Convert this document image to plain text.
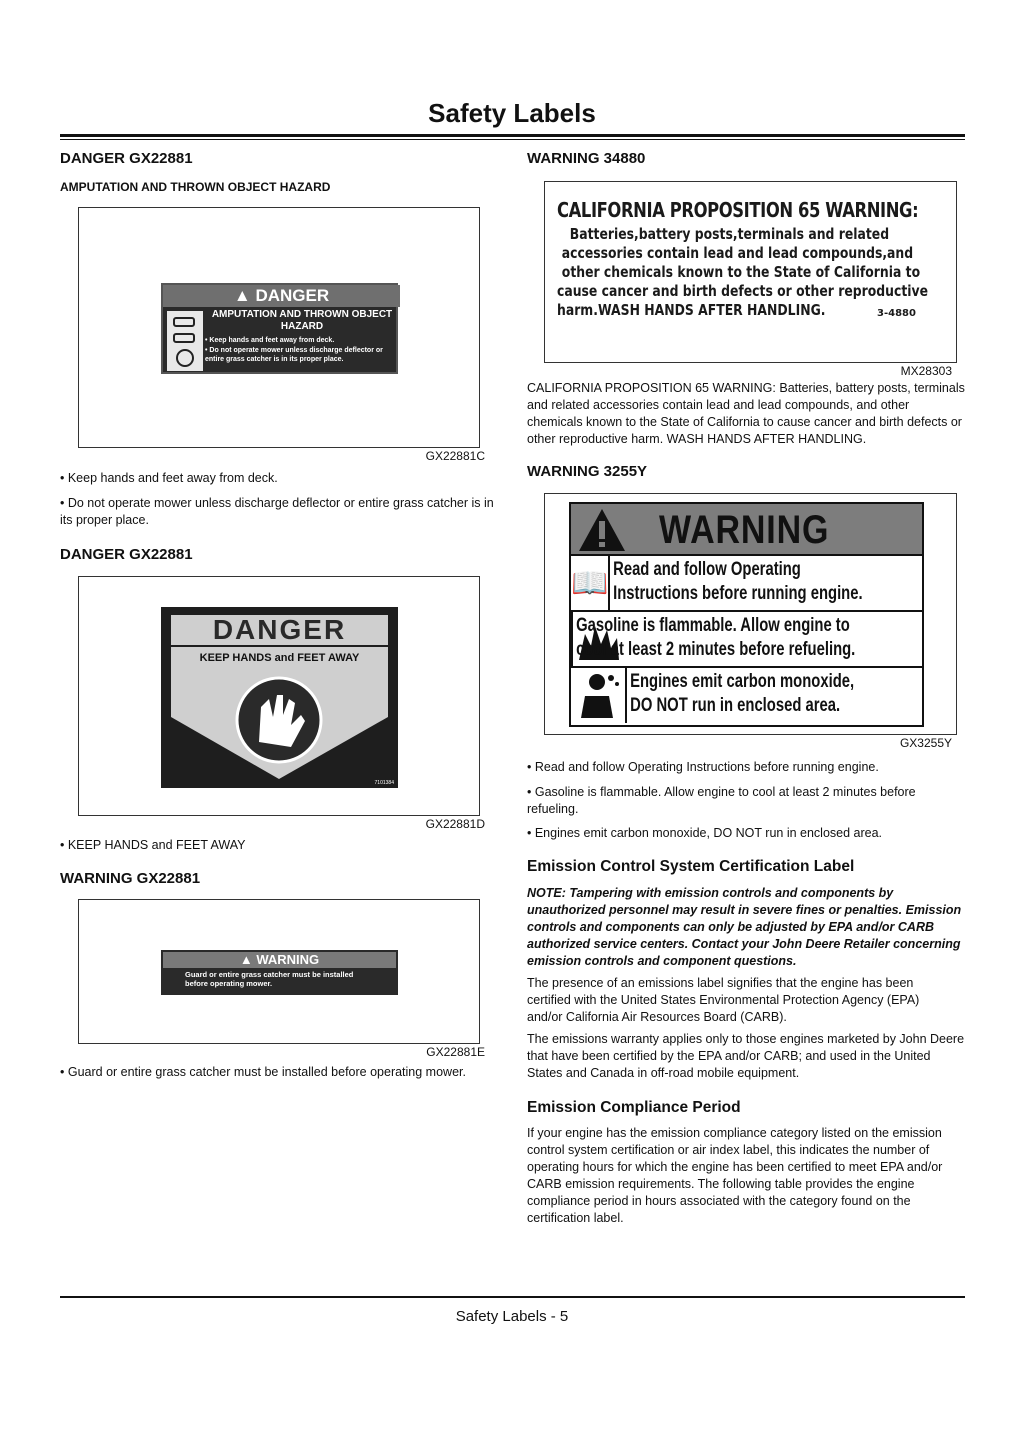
Safety Labels
DANGER GX22881
AMPUTATION AND THROWN OBJECT HAZARD
▲ DANGER
AMPUTATION AND THROWN OBJECT HAZARD
• Keep hands and feet away from deck.
• Do not operate mower unless discharge deflector or entire grass catcher is in its proper place.
GX22881C
• Keep hands and feet away from deck.
• Do not operate mower unless discharge deflector or entire grass catcher is in its proper place.
DANGER GX22881
DANGER
KEEP HANDS and FEET AWAY
7101384
GX22881D
• KEEP HANDS and FEET AWAY
WARNING GX22881
▲ WARNING
Guard or entire grass catcher must be installed before operating mower.
GX22881E
• Guard or entire grass catcher must be installed before operating mower.
WARNING 34880
CALIFORNIA PROPOSITION 65 WARNING:
Batteries,battery posts,terminals and related
accessories contain lead and lead compounds,and
other chemicals known to the State of California to
cause cancer and birth defects or other reproductive
harm.WASH HANDS AFTER HANDLING.	3-4880
MX28303
CALIFORNIA PROPOSITION 65 WARNING: Batteries, battery posts, terminals and related accessories contain lead and lead compounds, and other chemicals known to the State of California to cause cancer and birth defects or other reproductive harm. WASH HANDS AFTER HANDLING.
WARNING 3255Y
WARNING
📖 Read and follow Operating
Instructions before running engine.
Gasoline is flammable. Allow engine to
cool at least 2 minutes before refueling.
Engines emit carbon monoxide,
DO NOT run in enclosed area.
GX3255Y
• Read and follow Operating Instructions before running engine.
• Gasoline is flammable. Allow engine to cool at least 2 minutes before refueling.
• Engines emit carbon monoxide, DO NOT run in enclosed area.
Emission Control System Certification Label
NOTE: Tampering with emission controls and components by unauthorized personnel may result in severe fines or penalties. Emission controls and components can only be adjusted by EPA and/or CARB authorized service centers. Contact your John Deere Retailer concerning emission controls and component questions.
The presence of an emissions label signifies that the engine has been certified with the United States Environmental Protection Agency (EPA) and/or California Air Resources Board (CARB).
The emissions warranty applies only to those engines marketed by John Deere that have been certified by the EPA and/or CARB; and used in the United States and Canada in off-road mobile equipment.
Emission Compliance Period
If your engine has the emission compliance category listed on the emission control system certification or air index label, this indicates the number of operating hours for which the engine has been certified to meet EPA and/or CARB emission requirements. The following table provides the engine compliance period in hours associated with the category found on the certification label.
Safety Labels - 5
